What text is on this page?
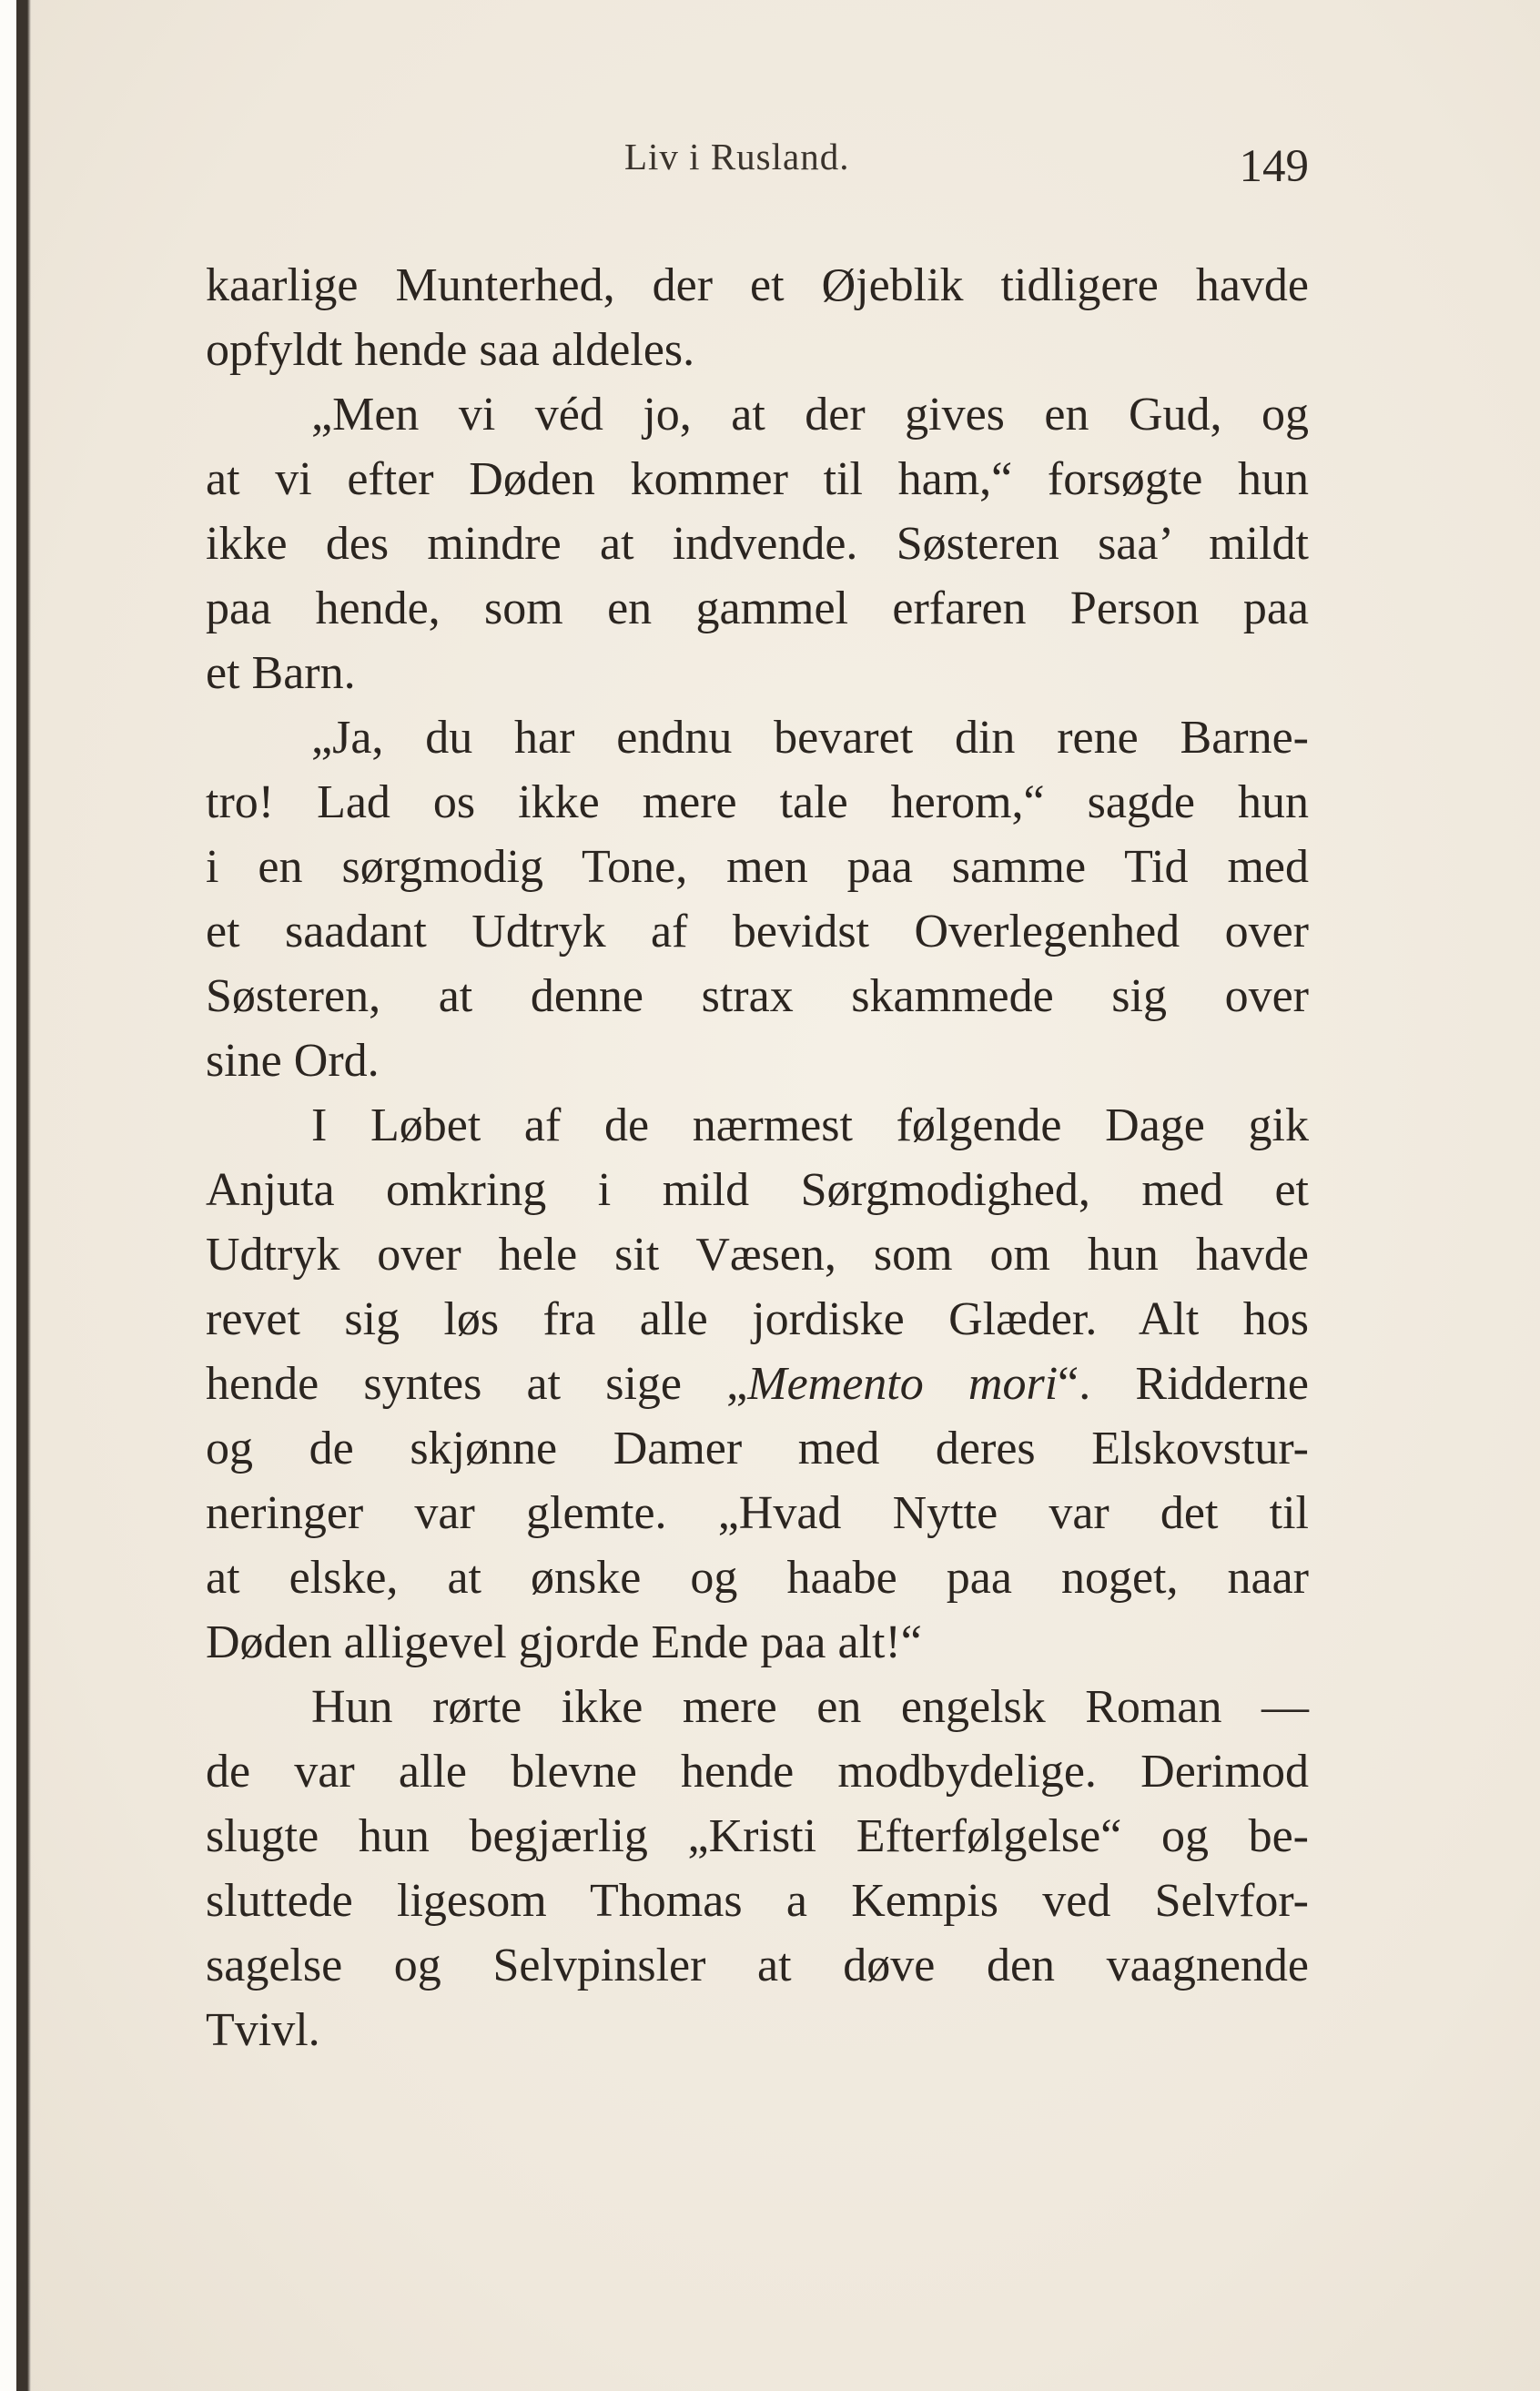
Liv i Rusland.	149
kaarlige Munterhed, der et Øjeblik tidligere havde
opfyldt hende saa aldeles.
„Men vi véd jo, at der gives en Gud, og
at vi efter Døden kommer til ham,“ forsøgte hun
ikke des mindre at indvende. Søsteren saa’ mildt
paa hende, som en gammel erfaren Person paa
et Barn.
„Ja, du har endnu bevaret din rene Barne-
tro! Lad os ikke mere tale herom,“ sagde hun
i en sørgmodig Tone, men paa samme Tid med
et saadant Udtryk af bevidst Overlegenhed over
Søsteren, at denne strax skammede sig over
sine Ord.
I Løbet af de nærmest følgende Dage gik
Anjuta omkring i mild Sørgmodighed, med et
Udtryk over hele sit Væsen, som om hun havde
revet sig løs fra alle jordiske Glæder. Alt hos
hende syntes at sige „Memento mori“. Ridderne
og de skjønne Damer med deres Elskovstur-
neringer var glemte. „Hvad Nytte var det til
at elske, at ønske og haabe paa noget, naar
Døden alligevel gjorde Ende paa alt!“
Hun rørte ikke mere en engelsk Roman —
de var alle blevne hende modbydelige. Derimod
slugte hun begjærlig „Kristi Efterfølgelse“ og be-
sluttede ligesom Thomas a Kempis ved Selvfor-
sagelse og Selvpinsler at døve den vaagnende
Tvivl.
